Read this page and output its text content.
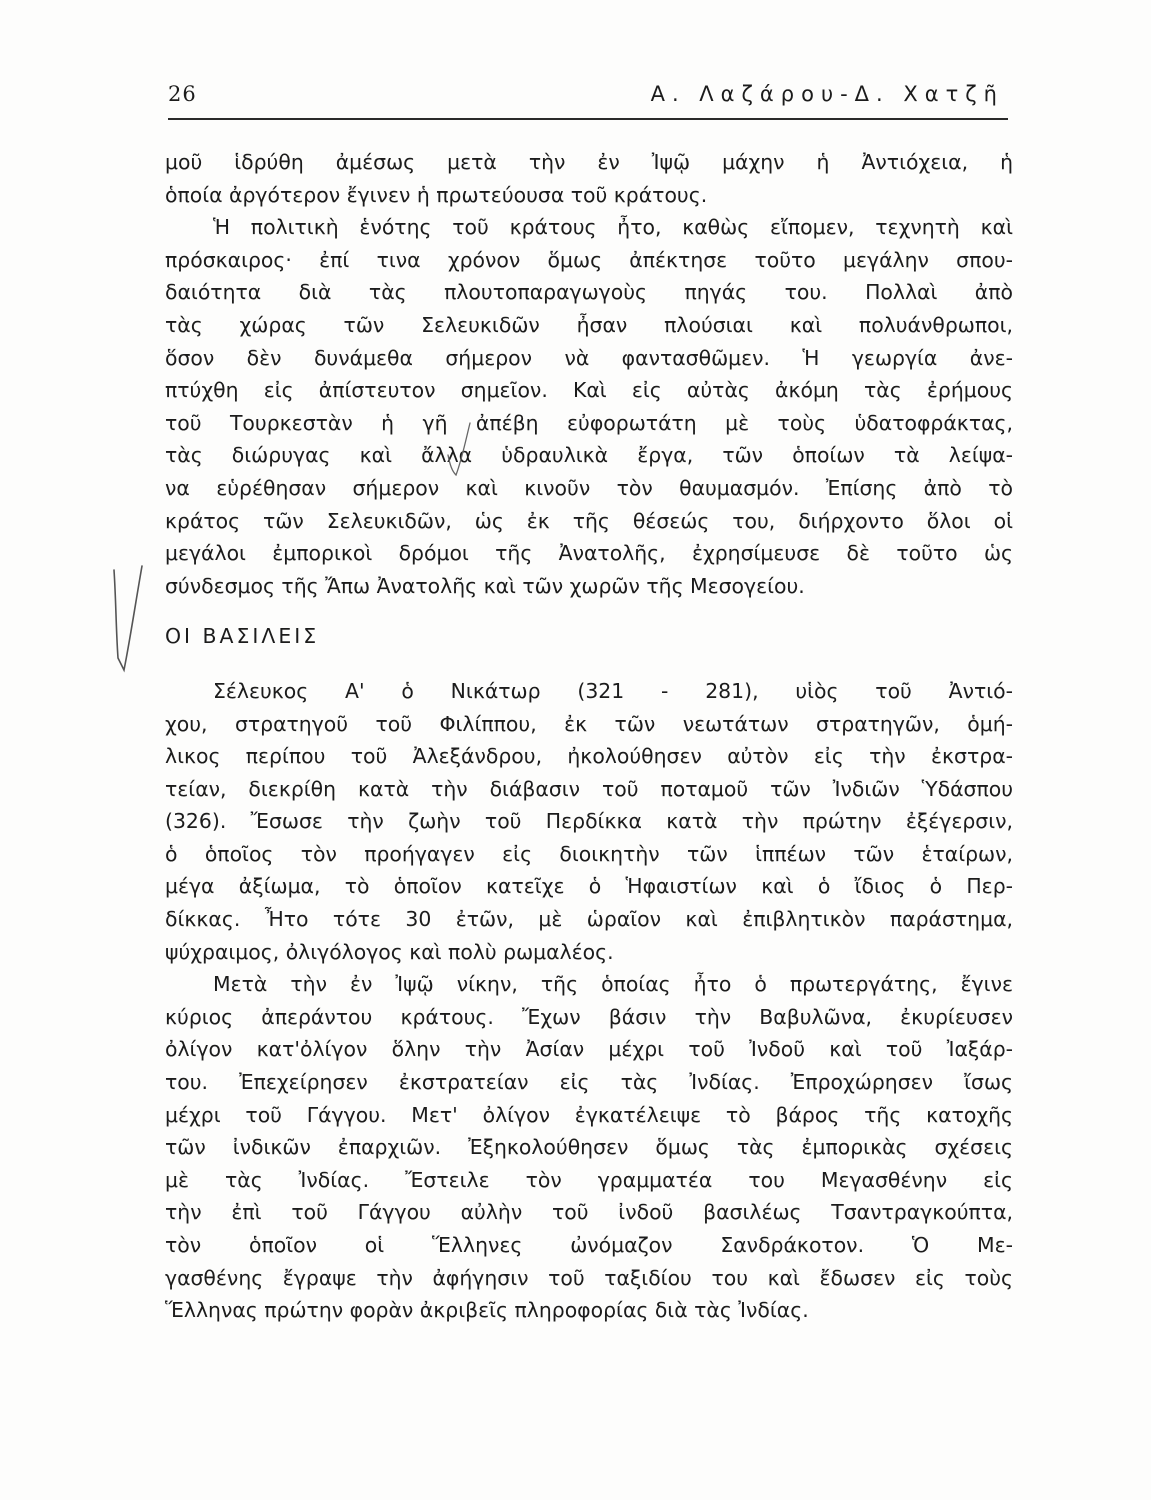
26	Α. Λαζάρου-Δ. Χατζῆ
μοῦ ἱδρύθη ἀμέσως μετὰ τὴν ἐν Ἰψῷ μάχην ἡ Ἀντιόχεια, ἡ
ὁποία ἀργότερον ἔγινεν ἡ πρωτεύουσα τοῦ κράτους.
Ἡ πολιτικὴ ἑνότης τοῦ κράτους ἦτο, καθὼς εἴπομεν, τεχνητὴ καὶ
πρόσκαιρος· ἐπί τινα χρόνον ὅμως ἀπέκτησε τοῦτο μεγάλην σπου-
δαιότητα διὰ τὰς πλουτοπαραγωγοὺς πηγάς του. Πολλαὶ ἀπὸ
τὰς χώρας τῶν Σελευκιδῶν ἦσαν πλούσιαι καὶ πολυάνθρωποι,
ὅσον δὲν δυνάμεθα σήμερον νὰ φαντασθῶμεν. Ἡ γεωργία ἀνε-
πτύχθη εἰς ἀπίστευτον σημεῖον. Καὶ εἰς αὐτὰς ἀκόμη τὰς ἐρήμους
τοῦ Τουρκεστὰν ἡ γῆ ἀπέβη εὐφορωτάτη μὲ τοὺς ὑδατοφράκτας,
τὰς διώρυγας καὶ ἄλλα ὑδραυλικὰ ἔργα, τῶν ὁποίων τὰ λείψα-
να εὑρέθησαν σήμερον καὶ κινοῦν τὸν θαυμασμόν. Ἐπίσης ἀπὸ τὸ
κράτος τῶν Σελευκιδῶν, ὡς ἐκ τῆς θέσεώς του, διήρχοντο ὅλοι οἱ
μεγάλοι ἐμπορικοὶ δρόμοι τῆς Ἀνατολῆς, ἐχρησίμευσε δὲ τοῦτο ὡς
σύνδεσμος τῆς Ἄπω Ἀνατολῆς καὶ τῶν χωρῶν τῆς Μεσογείου.
ΟΙ ΒΑΣΙΛΕΙΣ
Σέλευκος Α' ὁ Νικάτωρ (321 - 281), υἱὸς τοῦ Ἀντιό-
χου, στρατηγοῦ τοῦ Φιλίππου, ἐκ τῶν νεωτάτων στρατηγῶν, ὁμή-
λικος περίπου τοῦ Ἀλεξάνδρου, ἠκολούθησεν αὐτὸν εἰς τὴν ἐκστρα-
τείαν, διεκρίθη κατὰ τὴν διάβασιν τοῦ ποταμοῦ τῶν Ἰνδιῶν Ὑδάσπου
(326). Ἔσωσε τὴν ζωὴν τοῦ Περδίκκα κατὰ τὴν πρώτην ἐξέγερσιν,
ὁ ὁποῖος τὸν προήγαγεν εἰς διοικητὴν τῶν ἱππέων τῶν ἑταίρων,
μέγα ἀξίωμα, τὸ ὁποῖον κατεῖχε ὁ Ἡφαιστίων καὶ ὁ ἴδιος ὁ Περ-
δίκκας. Ἦτο τότε 30 ἐτῶν, μὲ ὡραῖον καὶ ἐπιβλητικὸν παράστημα,
ψύχραιμος, ὀλιγόλογος καὶ πολὺ ρωμαλέος.
Μετὰ τὴν ἐν Ἰψῷ νίκην, τῆς ὁποίας ἦτο ὁ πρωτεργάτης, ἔγινε
κύριος ἀπεράντου κράτους. Ἔχων βάσιν τὴν Βαβυλῶνα, ἐκυρίευσεν
ὀλίγον κατ'ὀλίγον ὅλην τὴν Ἀσίαν μέχρι τοῦ Ἰνδοῦ καὶ τοῦ Ἰαξάρ-
του. Ἐπεχείρησεν ἐκστρατείαν εἰς τὰς Ἰνδίας. Ἐπροχώρησεν ἴσως
μέχρι τοῦ Γάγγου. Μετ' ὀλίγον ἐγκατέλειψε τὸ βάρος τῆς κατοχῆς
τῶν ἰνδικῶν ἐπαρχιῶν. Ἐξηκολούθησεν ὅμως τὰς ἐμπορικὰς σχέσεις
μὲ τὰς Ἰνδίας. Ἔστειλε τὸν γραμματέα του Μεγασθένην εἰς
τὴν ἐπὶ τοῦ Γάγγου αὐλὴν τοῦ ἰνδοῦ βασιλέως Τσαντραγκούπτα,
τὸν ὁποῖον οἱ Ἕλληνες ὠνόμαζον Σανδράκοτον. Ὁ Με-
γασθένης ἔγραψε τὴν ἀφήγησιν τοῦ ταξιδίου του καὶ ἔδωσεν εἰς τοὺς
Ἕλληνας πρώτην φορὰν ἀκριβεῖς πληροφορίας διὰ τὰς Ἰνδίας.
